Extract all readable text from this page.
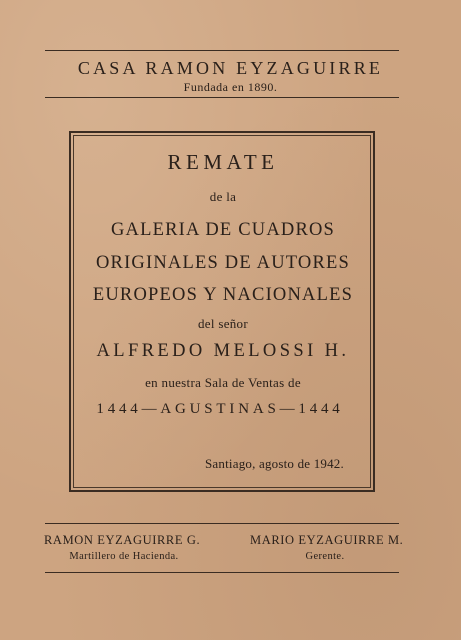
CASA RAMON EYZAGUIRRE
Fundada en 1890.
REMATE
de la
GALERIA DE CUADROS
ORIGINALES DE AUTORES
EUROPEOS Y NACIONALES
del señor
ALFREDO MELOSSI H.
en nuestra Sala de Ventas de
1444—AGUSTINAS—1444
Santiago, agosto de 1942.
RAMON EYZAGUIRRE G.
Martillero de Hacienda.
MARIO EYZAGUIRRE M.
Gerente.
